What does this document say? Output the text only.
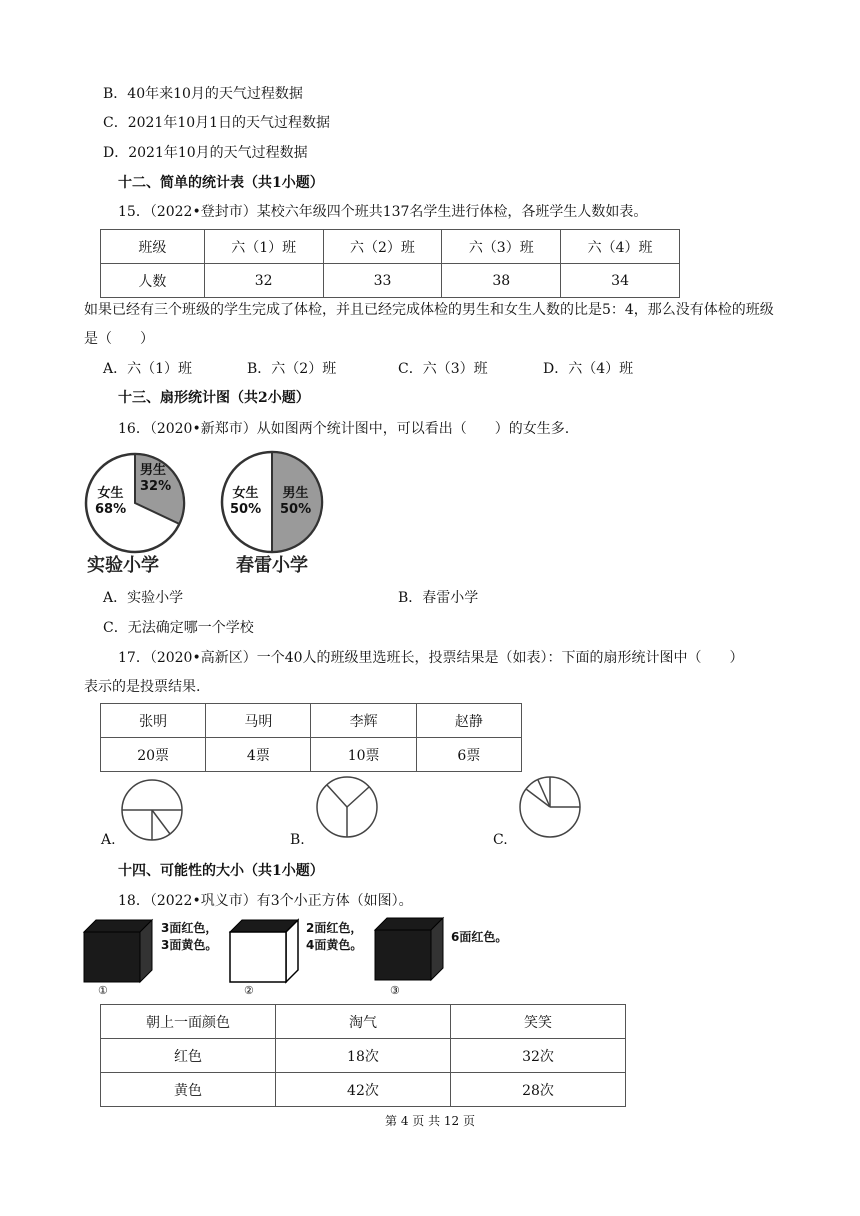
B．40年来10月的天气过程数据
C．2021年10月1日的天气过程数据
D．2021年10月的天气过程数据
十二、简单的统计表（共1小题）
15．（2022•登封市）某校六年级四个班共137名学生进行体检，各班学生人数如表。
班级	六（1）班	六（2）班	六（3）班	六（4）班
人数	32	33	38	34
如果已经有三个班级的学生完成了体检，并且已经完成体检的男生和女生人数的比是5：4，那么没有体检的班级是（　　）
A．六（1）班	B．六（2）班	C．六（3）班	D．六（4）班
十三、扇形统计图（共2小题）
16．（2020•新郑市）从如图两个统计图中，可以看出（　　）的女生多.
男生
32%
女生
68%
实验小学
女生
50%
男生
50%
春雷小学
A．实验小学	B．春雷小学
C．无法确定哪一个学校
17．（2020•高新区）一个40人的班级里选班长，投票结果是（如表）：下面的扇形统计图中（　　）
表示的是投票结果.
张明	马明	李辉	赵静
20票	4票	10票	6票
A.	B.	C.
十四、可能性的大小（共1小题）
18．（2022•巩义市）有3个小正方体（如图）。
3面红色，
3面黄色。
①
2面红色，
4面黄色。
②
6面红色。
③
朝上一面颜色	淘气	笑笑
红色	18次	32次
黄色	42次	28次
第 4 页 共 12 页
